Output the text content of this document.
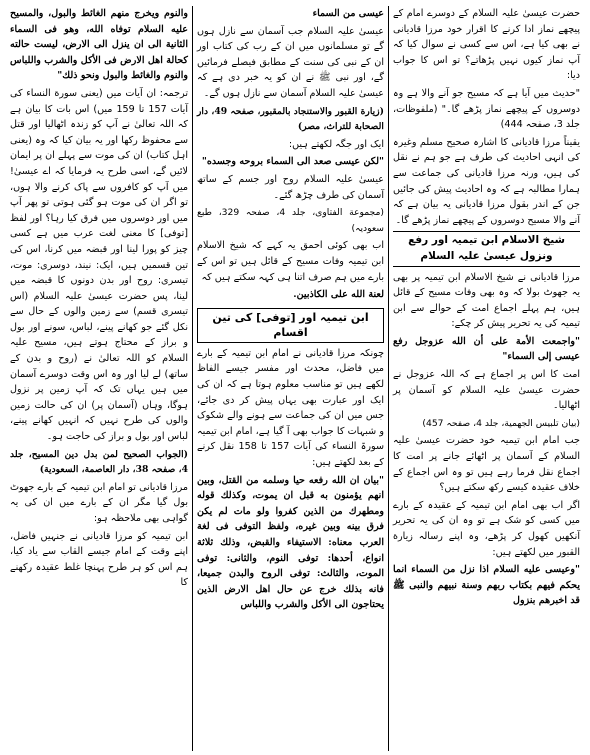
حضرت عیسیٰ علیہ السلام کے دوسرے امام کے پیچھے نماز ادا کرنے کا اقرار خود مرزا قادیانی نے بھی کیا ہے، اس سے کسی نے سوال کیا کہ آپ نماز کیوں نہیں پڑھاتے؟ تو اس کا جواب دیا:

"حدیث میں آیا ہے کہ مسیح جو آنے والا ہے وہ دوسروں کے پیچھے نماز پڑھے گا۔" (ملفوظات، جلد 3، صفحہ 444)

یقیناً مرزا قادیانی کا اشارہ صحیح مسلم وغیرہ کی انہی احادیث کی طرف ہے جو ہم نے نقل کی ہیں، ورنہ مرزا قادیانی کی جماعت سے ہمارا مطالبہ ہے کہ وہ احادیث پیش کی جائیں جن کے اندر بقول مرزا قادیانی یہ بیان ہے کہ آنے والا مسیح دوسروں کے پیچھے نماز پڑھے گا۔

شیخ الاسلام ابن تیمیہ اور رفع ونزول عیسیٰ علیہ السلام

مرزا قادیانی نے شیخ الاسلام ابن تیمیہ پر بھی یہ جھوٹ بولا کہ وہ بھی وفات مسیح کے قائل ہیں، ہم پہلے اجماع امت کے حوالے سے ابن تیمیہ کی یہ تحریر پیش کر چکے:

"واجمعت الأمة على أن الله عزوجل رفع عيسى إلى السماء"

امت کا اس پر اجماع ہے کہ اللہ عزوجل نے حضرت عیسیٰ علیہ السلام کو آسمان پر اٹھالیا۔

(بیان تلبیس الجهمية، جلد 4، صفحہ 457)

جب امام ابن تیمیہ خود حضرت عیسیٰ علیہ السلام کے آسمان پر اٹھائے جانے پر امت کا اجماع نقل فرما رہے ہیں تو وہ اس اجماع کے خلاف عقیدہ کیسے رکھ سکتے ہیں؟

اگر اب بھی امام ابن تیمیہ کے عقیدہ کے بارے میں کسی کو شک ہے تو وہ ان کی یہ تحریر آنکھیں کھول کر پڑھے، وہ اپنے رسالہ زیارة القبور میں لکھتے ہیں:

"وعیسى علیه السلام اذا نزل من السماء انما یحکم فیهم بکتاب ربهم وسنة نبیهم والنبی ﷺ قد اخبرهم بنزول

عيسى من السماء

عیسیٰ علیہ السلام جب آسمان سے نازل ہوں گے تو مسلمانوں میں ان کے رب کی کتاب اور ان کے نبی کی سنت کے مطابق فیصلے فرمائیں گے، اور نبی ﷺ نے ان کو یہ خبر دی ہے کہ عیسیٰ علیہ السلام آسمان سے نازل ہوں گے۔

(زيارة القبور والاستنجاد بالمقبور، صفحہ 49، دار الصحابة للتراث، مصر)

ایک اور جگہ لکھتے ہیں:

"لكن عيسى صعد الى السماء بروحه وجسده"

عیسیٰ علیہ السلام روح اور جسم کے ساتھ آسمان کی طرف چڑھ گئے۔

(مجموعة الفتاوى، جلد 4، صفحہ 329، طبع سعودیہ)

اب بھی کوئی احمق یہ کہے کہ شیخ الاسلام ابن تیمیہ وفات مسیح کے قائل ہیں تو اس کے بارے میں ہم صرف اتنا ہی کہہ سکتے ہیں کہ

لعنة الله على الكاذبين.

ابن تیمیہ اور [توفی] کی تین اقسام

چونکہ مرزا قادیانی نے امام ابن تیمیہ کے بارے میں فاضل، محدث اور مفسر جیسے الفاظ لکھے ہیں تو مناسب معلوم ہوتا ہے کہ ان کی ایک اور عبارت بھی یہاں پیش کر دی جائے، جس میں ان کی جماعت سے ہونے والے شکوک و شبہات کا جواب بھی آ گیا ہے، امام ابن تیمیہ سورۃ النساء کی آیات 157 تا 158 نقل کرنے کے بعد لکھتے ہیں:

"بيان ان الله رفعه حيا وسلمه من القتل، وبين انهم يؤمنون به قبل ان يموت، وكذلك قوله ومطهرك من الذين كفروا ولو مات لم يكن فرق بينه وبين غيره، ولفظ التوفى فى لغة العرب معناه: الاستيفاء والقبض، وذلك ثلاثة انواع، أحدها: توفى النوم، والثانى: توفى الموت، والثالث: توفى الروح والبدن جميعا، فانه بذلك خرج عن حال اهل الارض الذين يحتاجون الى الأكل والشرب واللباس

والنوم ويخرج منهم الغائط والبول، والمسيح عليه السلام توفاه الله، وهو فى السماء الثانية الى ان ينزل الى الارض، ليست حالته كحالة اهل الارض فى الأكل والشرب واللباس والنوم والغائط والبول ونحو ذلك"

ترجمہ: ان آیات میں (یعنی سورة النساء کی آیات 157 تا 159 میں) اس بات کا بیان ہے کہ اللہ تعالیٰ نے آپ کو زندہ اٹھالیا اور قتل سے محفوظ رکھا اور یہ بیان کیا کہ وہ (یعنی اہل کتاب) ان کی موت سے پہلے ان پر ایمان لائیں گے، اسی طرح یہ فرمایا کہ اے عیسیٰ! میں آپ کو کافروں سے پاک کرنے والا ہوں، تو اگر ان کی موت ہو گئی ہوتی تو پھر آپ میں اور دوسروں میں فرق کیا رہا؟ اور لفظ [توفی] کا معنی لغت عرب میں ہے کسی چیز کو پورا لینا اور قبضہ میں کرنا، اس کی تین قسمیں ہیں، ایک: نیند، دوسری: موت، تیسری: روح اور بدن دونوں کا قبضہ میں لینا، پس حضرت عیسیٰ علیہ السلام (اس تیسری قسم) سے زمین والوں کے حال سے نکل گئے جو کھانے پینے، لباس، سونے اور بول و براز کے محتاج ہوتے ہیں، مسیح علیہ السلام کو اللہ تعالیٰ نے (روح و بدن کے ساتھ) لے لیا اور وہ اس وقت دوسرے آسمان میں ہیں یہاں تک کہ آپ زمین پر نزول ہوگا، وہاں (آسمان پر) ان کی حالت زمین والوں کی طرح نہیں کہ انہیں کھانے پینے، لباس اور بول و براز کی حاجت ہو۔

(الجواب الصحيح لمن بدل دين المسيح، جلد 4، صفحہ 38، دار العاصمة، السعودية)

مرزا قادیانی تو امام ابن تیمیہ کے بارے جھوٹ بول گیا مگر ان کے بارے میں ان کی یہ گواہی بھی ملاحظہ ہو:

ابن تیمیہ کو مرزا قادیانی نے جنہیں فاضل، اپنے وقت کے امام جیسے القاب سے یاد کیا، ہم اس کو ہر طرح پہنچا غلط عقیدہ رکھنے کا
